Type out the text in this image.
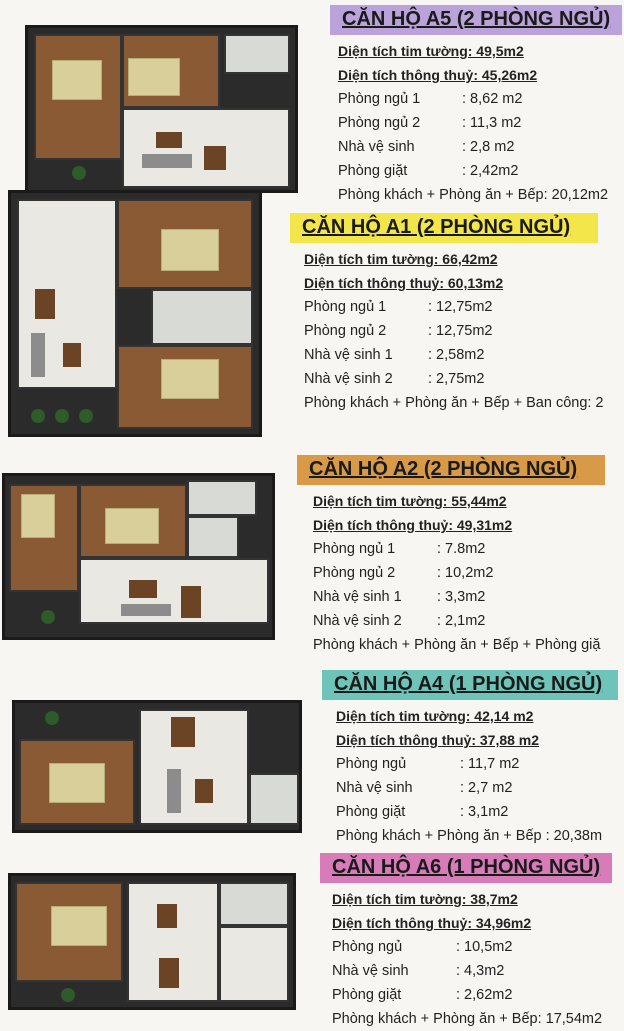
CĂN HỘ A5 (2 PHÒNG NGỦ)
Diện tích tim tường: 49,5m2
Diện tích thông thuỷ: 45,26m2
Phòng ngủ 1	: 8,62 m2
Phòng ngủ 2	: 11,3 m2
Nhà vệ sinh	: 2,8 m2
Phòng giặt	: 2,42m2
Phòng khách + Phòng ăn + Bếp: 20,12m2
CĂN HỘ A1 (2 PHÒNG NGỦ)
Diện tích tim tường: 66,42m2
Diện tích thông thuỷ: 60,13m2
Phòng ngủ 1	: 12,75m2
Phòng ngủ 2	: 12,75m2
Nhà vệ sinh 1 : 2,58m2
Nhà vệ sinh 2 : 2,75m2
Phòng khách + Phòng ăn + Bếp + Ban công: 2
CĂN HỘ A2 (2 PHÒNG NGỦ)
Diện tích tim tường: 55,44m2
Diện tích thông thuỷ: 49,31m2
Phòng ngủ 1	: 7.8m2
Phòng ngủ 2	: 10,2m2
Nhà vệ sinh 1 : 3,3m2
Nhà vệ sinh 2 : 2,1m2
Phòng khách + Phòng ăn + Bếp + Phòng giặ
CĂN HỘ A4 (1 PHÒNG NGỦ)
Diện tích tim tường: 42,14 m2
Diện tích thông thuỷ: 37,88 m2
Phòng ngủ	: 11,7 m2
Nhà vệ sinh	: 2,7 m2
Phòng giặt	: 3,1m2
Phòng khách + Phòng ăn + Bếp : 20,38m
CĂN HỘ A6 (1 PHÒNG NGỦ)
Diện tích tim tường: 38,7m2
Diện tích thông thuỷ: 34,96m2
Phòng ngủ	: 10,5m2
Nhà vệ sinh	: 4,3m2
Phòng giặt	: 2,62m2
Phòng khách + Phòng ăn + Bếp: 17,54m2
